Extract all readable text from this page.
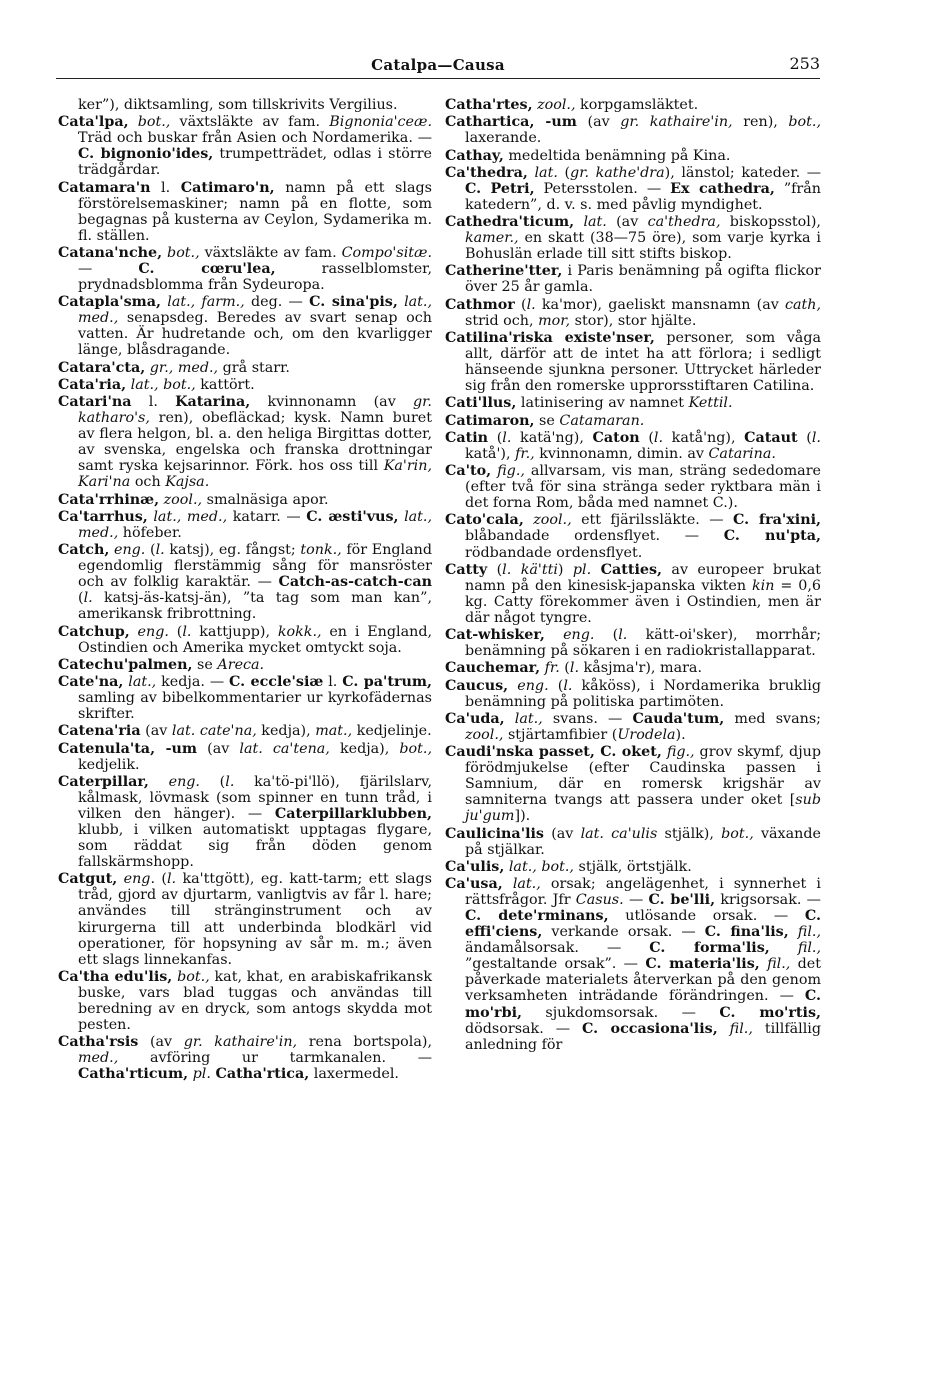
Catalpa—Causa	253

ker”), diktsamling, som tillskrivits Vergilius.

Cata'lpa, bot., växtsläkte av fam. Bignonia'ceæ. Träd och buskar från Asien och Nordamerika. — C. bignonio'ides, trumpetträdet, odlas i större trädgårdar.

Catamara'n l. Catimaro'n, namn på ett slags förstörelsemaskiner; namn på en flotte, som begagnas på kusterna av Ceylon, Sydamerika m. fl. ställen.

Catana'nche, bot., växtsläkte av fam. Compo'sitæ. — C. cœru'lea, rasselblomster, prydnadsblomma från Sydeuropa.

Catapla'sma, lat., farm., deg. — C. sina'pis, lat., med., senapsdeg. Beredes av svart senap och vatten. Är hudretande och, om den kvarligger länge, blåsdragande.

Catara'cta, gr., med., grå starr.

Cata'ria, lat., bot., kattört.

Catari'na l. Katarina, kvinnonamn (av gr. katharo's, ren), obefläckad; kysk. Namn buret av flera helgon, bl. a. den heliga Birgittas dotter, av svenska, engelska och franska drottningar samt ryska kejsarinnor. Förk. hos oss till Ka'rin, Kari'na och Kajsa.

Cata'rrhinæ, zool., smalnäsiga apor.

Ca'tarrhus, lat., med., katarr. — C. æsti'vus, lat., med., höfeber.

Catch, eng. (l. katsj), eg. fångst; tonk., för England egendomlig flerstämmig sång för mansröster och av folklig karaktär. — Catch-as-catch-can (l. katsj-äs-katsj-än), ”ta tag som man kan”, amerikansk fribrottning.

Catchup, eng. (l. kattjupp), kokk., en i England, Ostindien och Amerika mycket omtyckt soja.

Catechu'palmen, se Areca.

Cate'na, lat., kedja. — C. eccle'siæ l. C. pa'trum, samling av bibelkommentarier ur kyrkofädernas skrifter.

Catena'ria (av lat. cate'na, kedja), mat., kedjelinje.

Catenula'ta, -um (av lat. ca'tena, kedja), bot., kedjelik.

Caterpillar, eng. (l. ka'tö-pi'llö), fjärilslarv, kålmask, lövmask (som spinner en tunn tråd, i vilken den hänger). — Caterpillarklubben, klubb, i vilken automatiskt upptagas flygare, som räddat sig från döden genom fallskärmshopp.

Catgut, eng. (l. ka'ttgött), eg. katt-tarm; ett slags tråd, gjord av djurtarm, vanligtvis av får l. hare; användes till stränginstrument och av kirurgerna till att underbinda blodkärl vid operationer, för hopsyning av sår m. m.; även ett slags linnekanfas.

Ca'tha edu'lis, bot., kat, khat, en arabiskafrikansk buske, vars blad tuggas och användas till beredning av en dryck, som antogs skydda mot pesten.

Catha'rsis (av gr. kathaire'in, rena bortspola), med., avföring ur tarmkanalen. — Catha'rticum, pl. Catha'rtica, laxermedel.

Catha'rtes, zool., korpgamsläktet.

Cathartica, -um (av gr. kathaire'in, ren), bot., laxerande.

Cathay, medeltida benämning på Kina.

Ca'thedra, lat. (gr. kathe'dra), länstol; kateder. — C. Petri, Petersstolen. — Ex cathedra, ”från katedern”, d. v. s. med påvlig myndighet.

Cathedra'ticum, lat. (av ca'thedra, biskopsstol), kamer., en skatt (38—75 öre), som varje kyrka i Bohuslän erlade till sitt stifts biskop.

Catherine'tter, i Paris benämning på ogifta flickor över 25 år gamla.

Cathmor (l. ka'mor), gaeliskt mansnamn (av cath, strid och, mor, stor), stor hjälte.

Catilina'riska existe'nser, personer, som våga allt, därför att de intet ha att förlora; i sedligt hänseende sjunkna personer. Uttrycket härleder sig från den romerske upprorsstiftaren Catilina.

Cati'llus, latinisering av namnet Kettil.

Catimaron, se Catamaran.

Catin (l. katä'ng), Caton (l. katå'ng), Cataut (l. katå'), fr., kvinnonamn, dimin. av Catarina.

Ca'to, fig., allvarsam, vis man, sträng sededomare (efter två för sina stränga seder ryktbara män i det forna Rom, båda med namnet C.).

Cato'cala, zool., ett fjärilssläkte. — C. fra'xini, blåbandade ordensflyet. — C. nu'pta, rödbandade ordensflyet.

Catty (l. kä'tti) pl. Catties, av europeer brukat namn på den kinesisk-japanska vikten kin = 0,6 kg. Catty förekommer även i Ostindien, men är där något tyngre.

Cat-whisker, eng. (l. kätt-oi'sker), morrhår; benämning på sökaren i en radiokristallapparat.

Cauchemar, fr. (l. kåsjma'r), mara.

Caucus, eng. (l. kåköss), i Nordamerika bruklig benämning på politiska partimöten.

Ca'uda, lat., svans. — Cauda'tum, med svans; zool., stjärtamfibier (Urodela).

Caudi'nska passet, C. oket, fig., grov skymf, djup förödmjukelse (efter Caudinska passen i Samnium, där en romersk krigshär av samniterna tvangs att passera under oket [sub ju'gum]).

Caulicina'lis (av lat. ca'ulis stjälk), bot., växande på stjälkar.

Ca'ulis, lat., bot., stjälk, örtstjälk.

Ca'usa, lat., orsak; angelägenhet, i synnerhet i rättsfrågor. Jfr Casus. — C. be'lli, krigsorsak. — C. dete'rminans, utlösande orsak. — C. effi'ciens, verkande orsak. — C. fina'lis, fil., ändamålsorsak. — C. forma'lis, fil., ”gestaltande orsak”. — C. materia'lis, fil., det påverkade materialets återverkan på den genom verksamheten inträdande förändringen. — C. mo'rbi, sjukdomsorsak. — C. mo'rtis, dödsorsak. — C. occasiona'lis, fil., tillfällig anledning för
